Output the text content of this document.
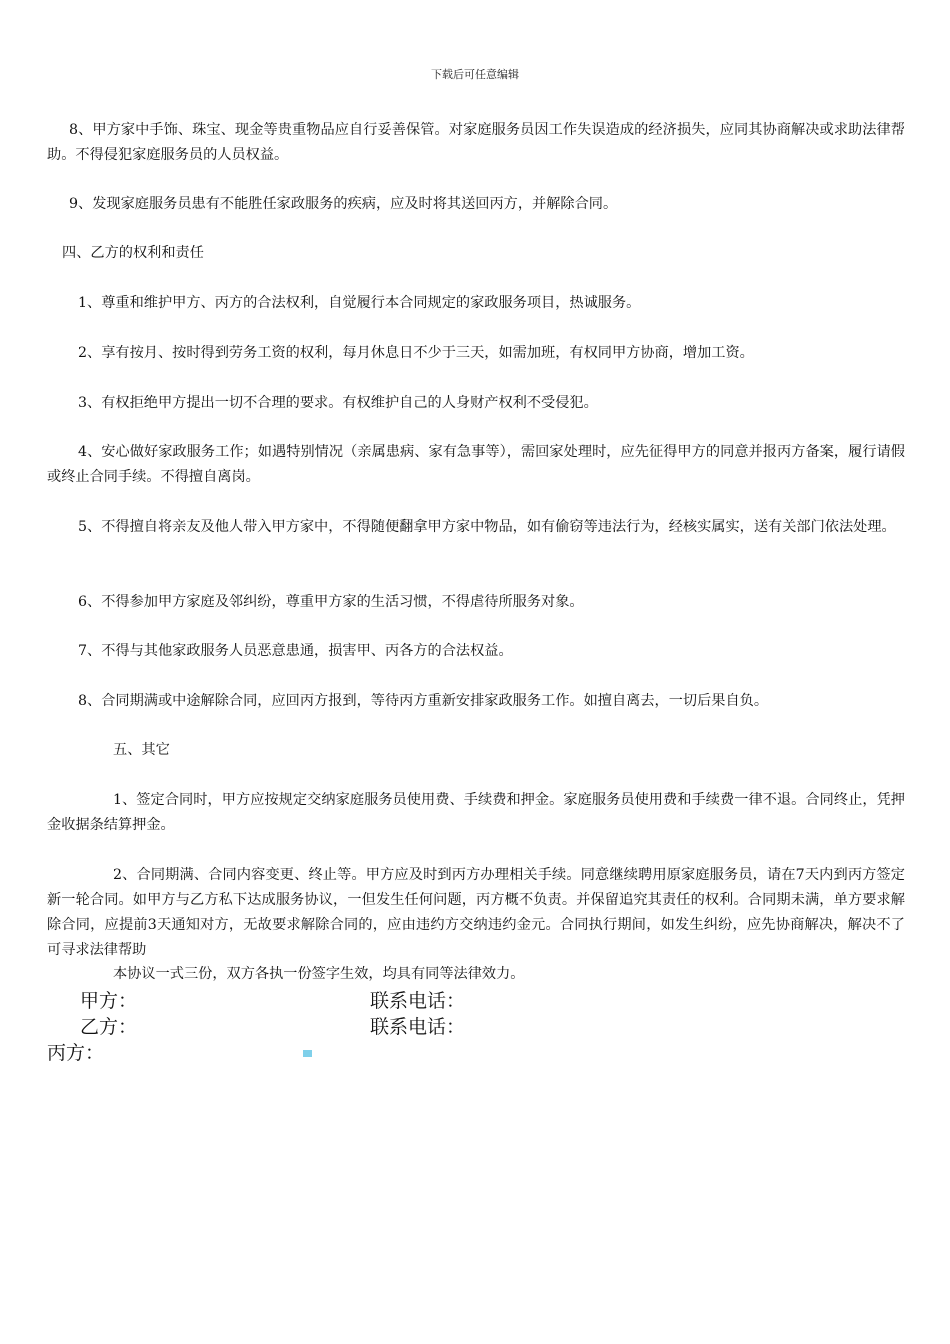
下载后可任意编辑

8、甲方家中手饰、珠宝、现金等贵重物品应自行妥善保管。对家庭服务员因工作失误造成的经济损失，应同其协商解决或求助法律帮助。不得侵犯家庭服务员的人员权益。

9、发现家庭服务员患有不能胜任家政服务的疾病，应及时将其送回丙方，并解除合同。

四、乙方的权利和责任

1、尊重和维护甲方、丙方的合法权利，自觉履行本合同规定的家政服务项目，热诚服务。

2、享有按月、按时得到劳务工资的权利，每月休息日不少于三天，如需加班，有权同甲方协商，增加工资。

3、有权拒绝甲方提出一切不合理的要求。有权维护自己的人身财产权利不受侵犯。

4、安心做好家政服务工作；如遇特别情况（亲属患病、家有急事等），需回家处理时，应先征得甲方的同意并报丙方备案，履行请假或终止合同手续。不得擅自离岗。

5、不得擅自将亲友及他人带入甲方家中，不得随便翻拿甲方家中物品，如有偷窃等违法行为，经核实属实，送有关部门依法处理。

6、不得参加甲方家庭及邻纠纷，尊重甲方家的生活习惯，不得虐待所服务对象。

7、不得与其他家政服务人员恶意患通，损害甲、丙各方的合法权益。

8、合同期满或中途解除合同，应回丙方报到，等待丙方重新安排家政服务工作。如擅自离去，一切后果自负。

五、其它

1、签定合同时，甲方应按规定交纳家庭服务员使用费、手续费和押金。家庭服务员使用费和手续费一律不退。合同终止，凭押金收据条结算押金。

2、合同期满、合同内容变更、终止等。甲方应及时到丙方办理相关手续。同意继续聘用原家庭服务员，请在7天内到丙方签定新一轮合同。如甲方与乙方私下达成服务协议，一但发生任何问题，丙方概不负责。并保留追究其责任的权利。合同期未满，单方要求解除合同，应提前3天通知对方，无故要求解除合同的，应由违约方交纳违约金元。合同执行期间，如发生纠纷，应先协商解决，解决不了可寻求法律帮助

本协议一式三份，双方各执一份签字生效，均具有同等法律效力。

甲方：	联系电话：
乙方：	联系电话：
丙方：
